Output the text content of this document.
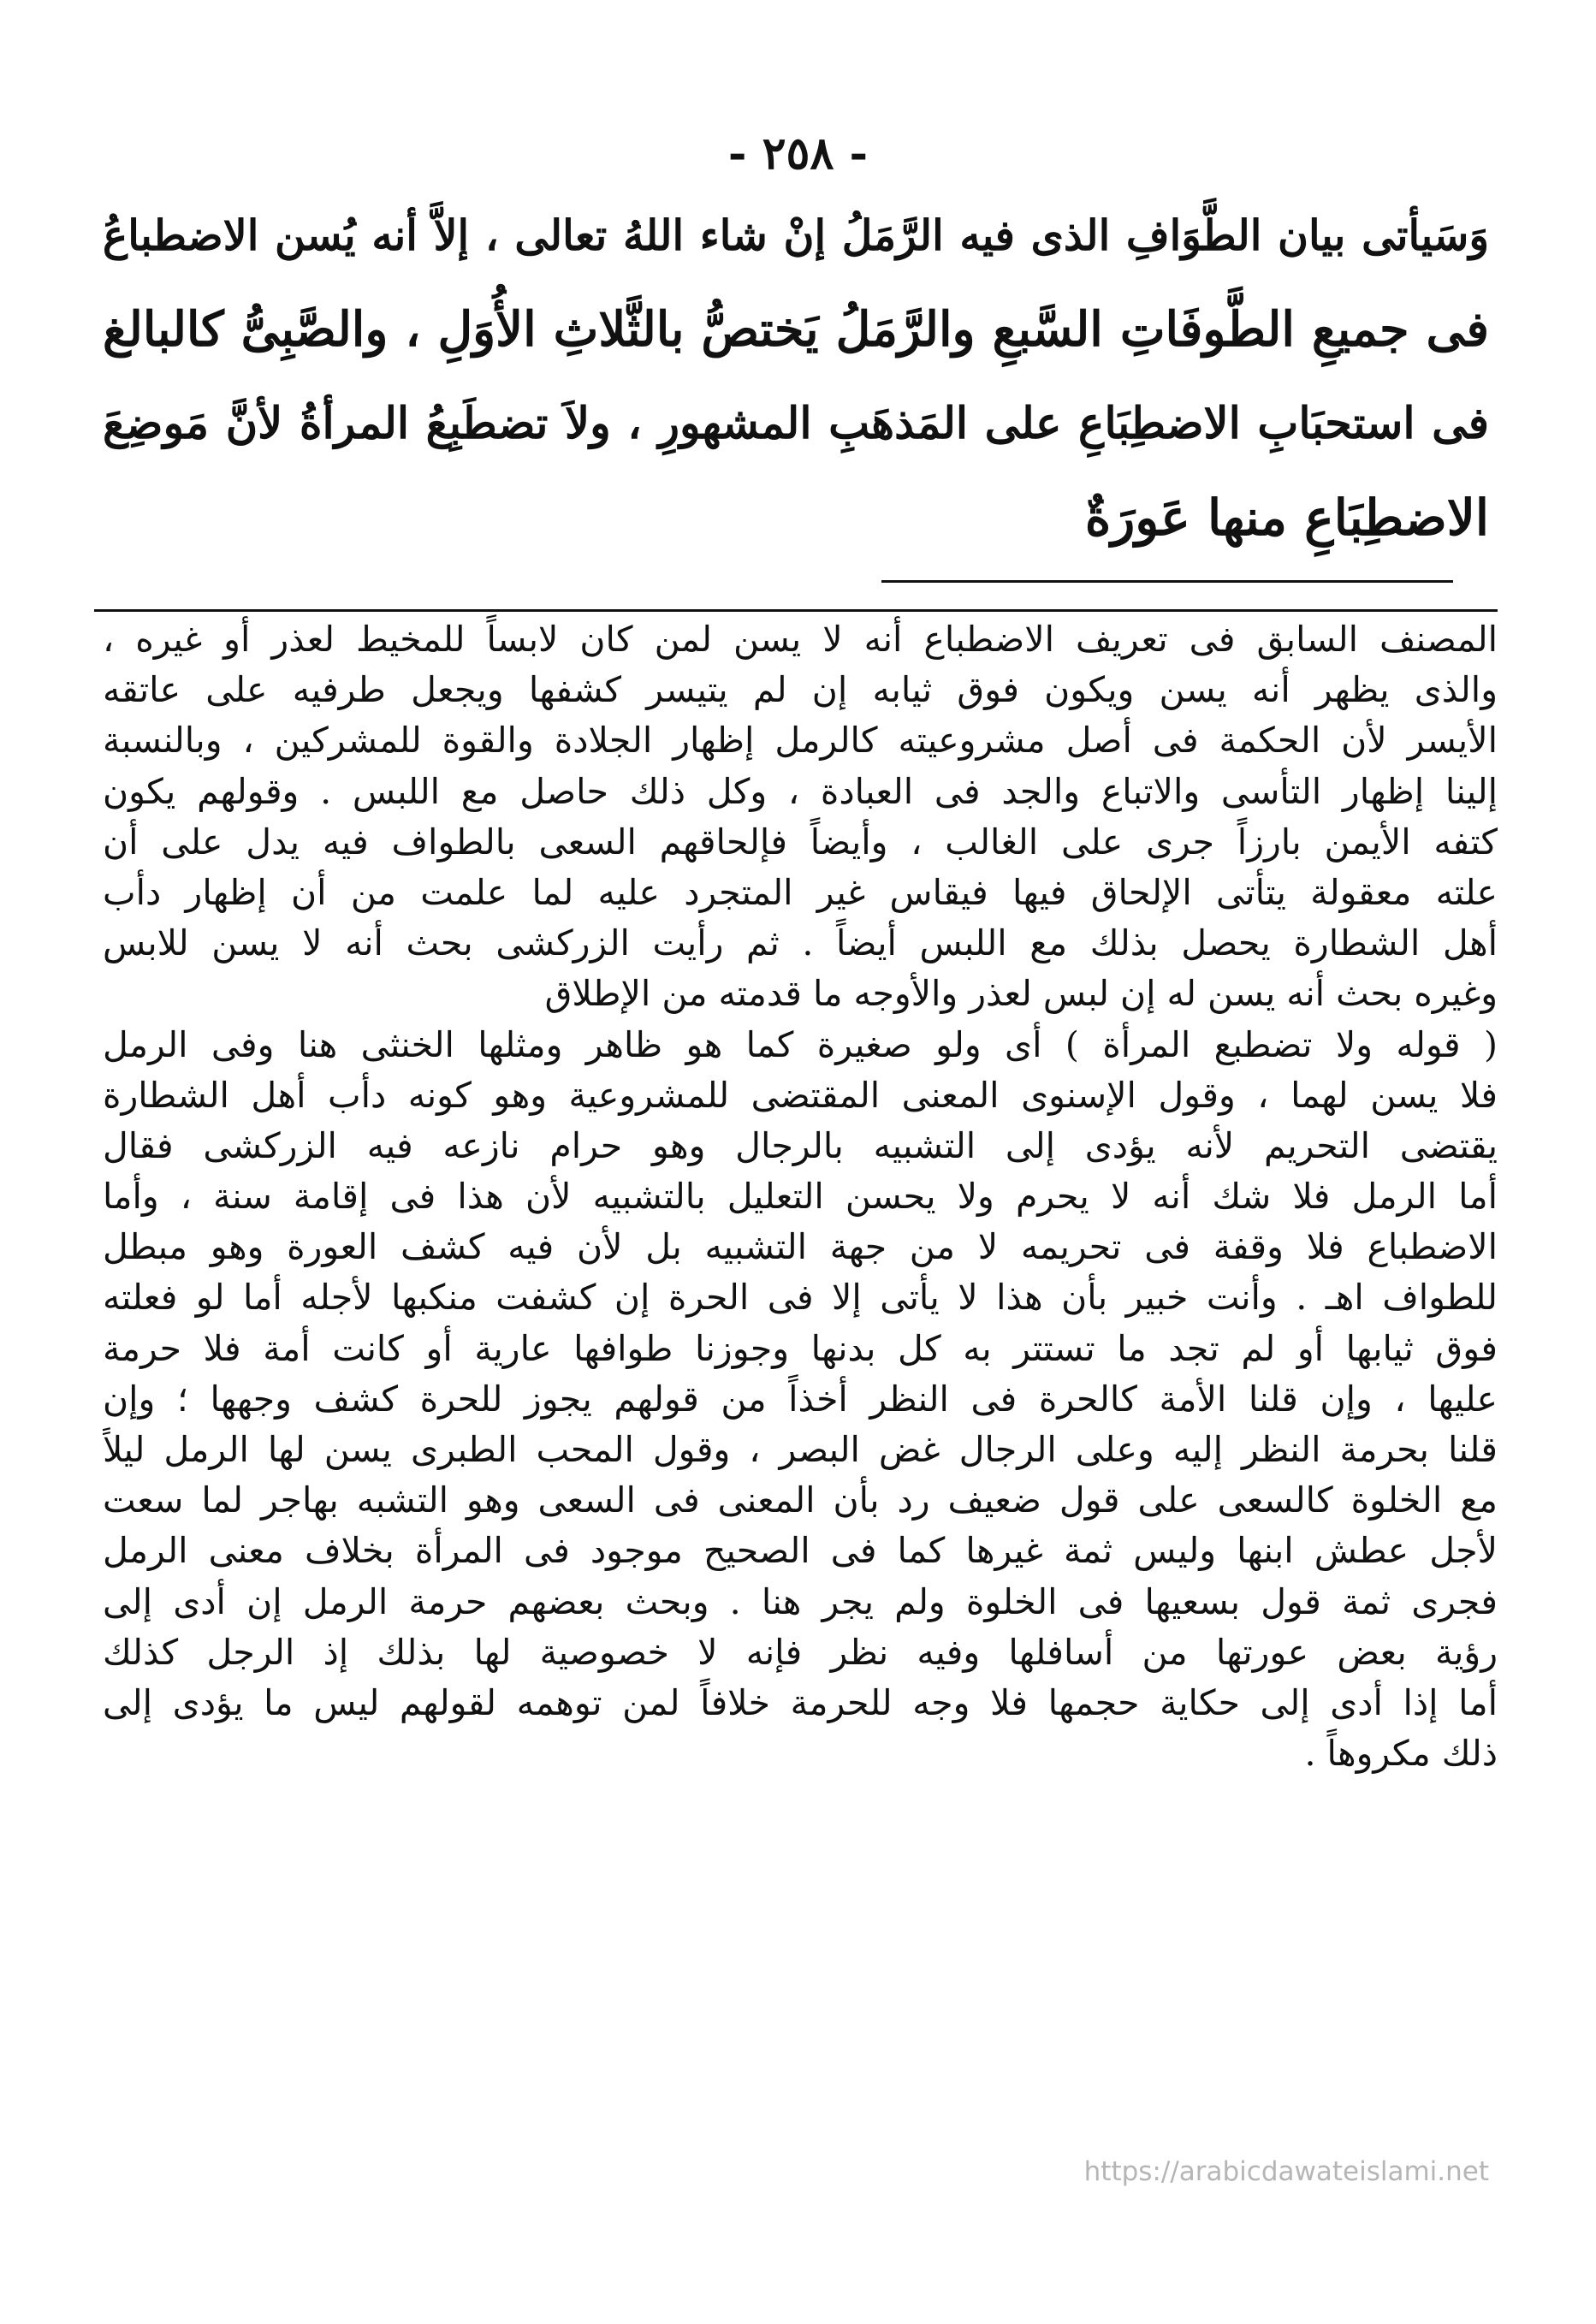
- ٢٥٨ -
وَسَيأتى بيان الطَّوَافِ الذى فيه الرَّمَلُ إنْ شاء اللهُ تعالى ، إلاَّ أنه يُسن الاضطباعُ
فى جميعِ الطَّوفَاتِ السَّبعِ والرَّمَلُ يَختصُّ بالثَّلاثِ الأُوَلِ ، والصَّبِىُّ كالبالغ
فى استحبَابِ الاضطِبَاعِ على المَذهَبِ المشهورِ ، ولاَ تضطَبِعُ المرأةُ لأنَّ مَوضِعَ
الاضطِبَاعِ منها عَورَةٌ
المصنف السابق فى تعريف الاضطباع أنه لا يسن لمن كان لابساً للمخيط لعذر أو غيره ،
والذى يظهر أنه يسن ويكون فوق ثيابه إن لم يتيسر كشفها ويجعل طرفيه على عاتقه
الأيسر لأن الحكمة فى أصل مشروعيته كالرمل إظهار الجلادة والقوة للمشركين ، وبالنسبة
إلينا إظهار التأسى والاتباع والجد فى العبادة ، وكل ذلك حاصل مع اللبس . وقولهم يكون
كتفه الأيمن بارزاً جرى على الغالب ، وأيضاً فإلحاقهم السعى بالطواف فيه يدل على أن
علته معقولة يتأتى الإلحاق فيها فيقاس غير المتجرد عليه لما علمت من أن إظهار دأب
أهل الشطارة يحصل بذلك مع اللبس أيضاً . ثم رأيت الزركشى بحث أنه لا يسن للابس
وغيره بحث أنه يسن له إن لبس لعذر والأوجه ما قدمته من الإطلاق
( قوله ولا تضطبع المرأة ) أى ولو صغيرة كما هو ظاهر ومثلها الخنثى هنا وفى الرمل
فلا يسن لهما ، وقول الإسنوى المعنى المقتضى للمشروعية وهو كونه دأب أهل الشطارة
يقتضى التحريم لأنه يؤدى إلى التشبيه بالرجال وهو حرام نازعه فيه الزركشى فقال
أما الرمل فلا شك أنه لا يحرم ولا يحسن التعليل بالتشبيه لأن هذا فى إقامة سنة ، وأما
الاضطباع فلا وقفة فى تحريمه لا من جهة التشبيه بل لأن فيه كشف العورة وهو مبطل
للطواف اهـ . وأنت خبير بأن هذا لا يأتى إلا فى الحرة إن كشفت منكبها لأجله أما لو فعلته
فوق ثيابها أو لم تجد ما تستتر به كل بدنها وجوزنا طوافها عارية أو كانت أمة فلا حرمة
عليها ، وإن قلنا الأمة كالحرة فى النظر أخذاً من قولهم يجوز للحرة كشف وجهها ؛ وإن
قلنا بحرمة النظر إليه وعلى الرجال غض البصر ، وقول المحب الطبرى يسن لها الرمل ليلاً
مع الخلوة كالسعى على قول ضعيف رد بأن المعنى فى السعى وهو التشبه بهاجر لما سعت
لأجل عطش ابنها وليس ثمة غيرها كما فى الصحيح موجود فى المرأة بخلاف معنى الرمل
فجرى ثمة قول بسعيها فى الخلوة ولم يجر هنا . وبحث بعضهم حرمة الرمل إن أدى إلى
رؤية بعض عورتها من أسافلها وفيه نظر فإنه لا خصوصية لها بذلك إذ الرجل كذلك
أما إذا أدى إلى حكاية حجمها فلا وجه للحرمة خلافاً لمن توهمه لقولهم ليس ما يؤدى إلى
ذلك مكروهاً .
https://arabicdawateislami.net
